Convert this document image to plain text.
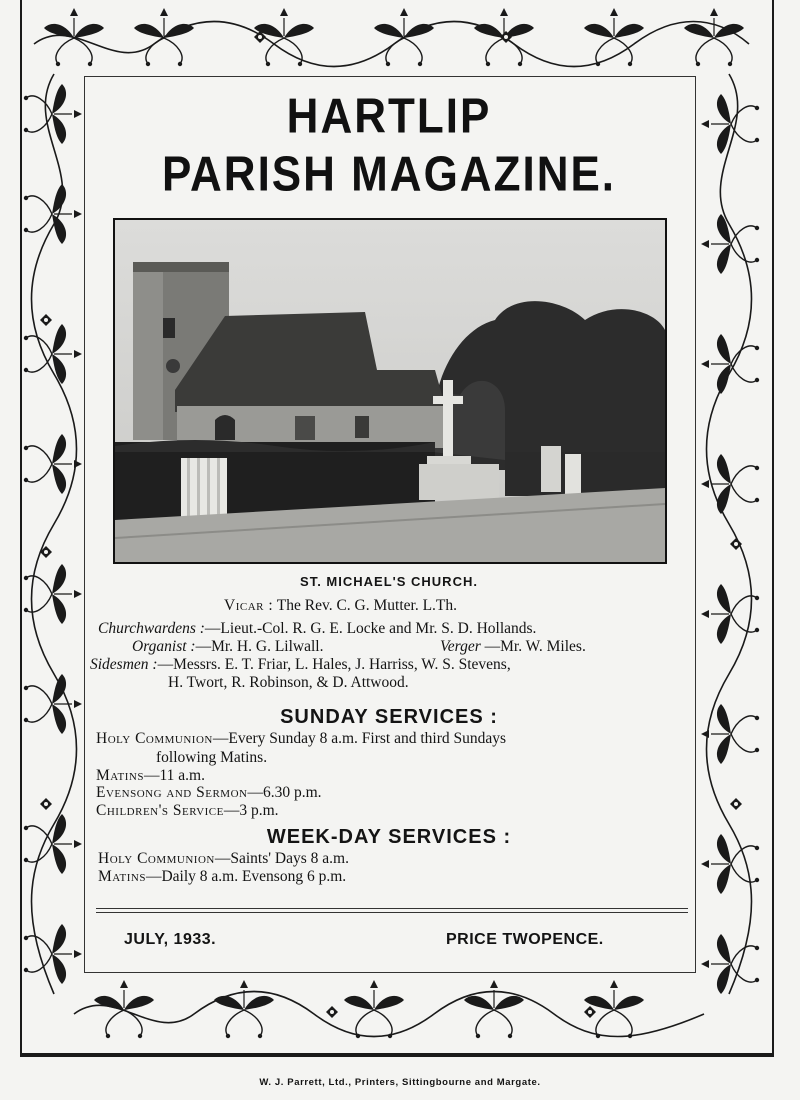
HARTLIP
PARISH MAGAZINE.
ST. MICHAEL'S CHURCH.
Vicar : The Rev. C. G. Mutter. L.Th.
Churchwardens :—Lieut.-Col. R. G. E. Locke and Mr. S. D. Hollands.
Organist :—Mr. H. G. Lilwall.	Verger —Mr. W. Miles.
Sidesmen :—Messrs. E. T. Friar, L. Hales, J. Harriss, W. S. Stevens,
H. Twort, R. Robinson, & D. Attwood.
SUNDAY SERVICES :
Holy Communion—Every Sunday 8 a.m. First and third Sundays
following Matins.
Matins—11 a.m.
Evensong and Sermon—6.30 p.m.
Children's Service—3 p.m.
WEEK-DAY SERVICES :
Holy Communion—Saints' Days 8 a.m.
Matins—Daily 8 a.m. Evensong 6 p.m.
JULY, 1933.	PRICE TWOPENCE.
W. J. Parrett, Ltd., Printers, Sittingbourne and Margate.
